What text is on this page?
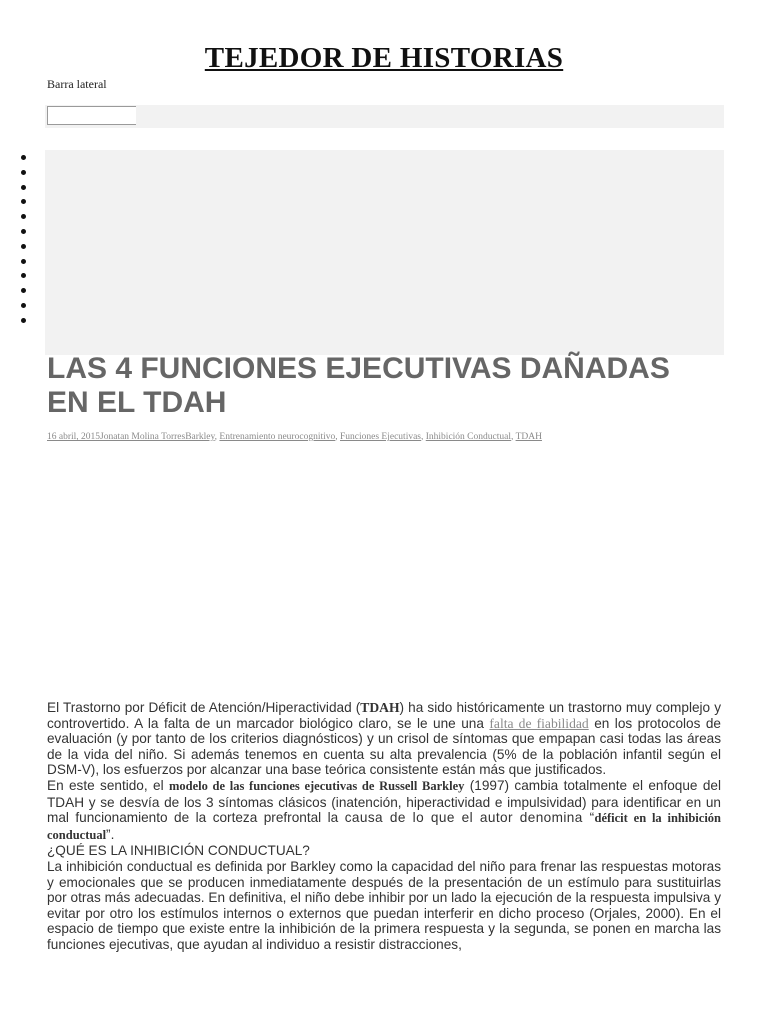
TEJEDOR DE HISTORIAS
Barra lateral
LAS 4 FUNCIONES EJECUTIVAS DAÑADAS EN EL TDAH
16 abril, 2015Jonatan Molina TorresBarkley, Entrenamiento neurocognitivo, Funciones Ejecutivas, Inhibición Conductual, TDAH

El Trastorno por Déficit de Atención/Hiperactividad (TDAH) ha sido históricamente un trastorno muy complejo y controvertido. A la falta de un marcador biológico claro, se le une una falta de fiabilidad en los protocolos de evaluación (y por tanto de los criterios diagnósticos) y un crisol de síntomas que empapan casi todas las áreas de la vida del niño. Si además tenemos en cuenta su alta prevalencia (5% de la población infantil según el DSM-V), los esfuerzos por alcanzar una base teórica consistente están más que justificados.

En este sentido, el modelo de las funciones ejecutivas de Russell Barkley (1997) cambia totalmente el enfoque del TDAH y se desvía de los 3 síntomas clásicos (inatención, hiperactividad e impulsividad) para identificar en un mal funcionamiento de la corteza prefrontal la causa de lo que el autor denomina “déficit en la inhibición conductual”.

¿QUÉ ES LA INHIBICIÓN CONDUCTUAL?

La inhibición conductual es definida por Barkley como la capacidad del niño para frenar las respuestas motoras y emocionales que se producen inmediatamente después de la presentación de un estímulo para sustituirlas por otras más adecuadas. En definitiva, el niño debe inhibir por un lado la ejecución de la respuesta impulsiva y evitar por otro los estímulos internos o externos que puedan interferir en dicho proceso (Orjales, 2000). En el espacio de tiempo que existe entre la inhibición de la primera respuesta y la segunda, se ponen en marcha las funciones ejecutivas, que ayudan al individuo a resistir distracciones,
